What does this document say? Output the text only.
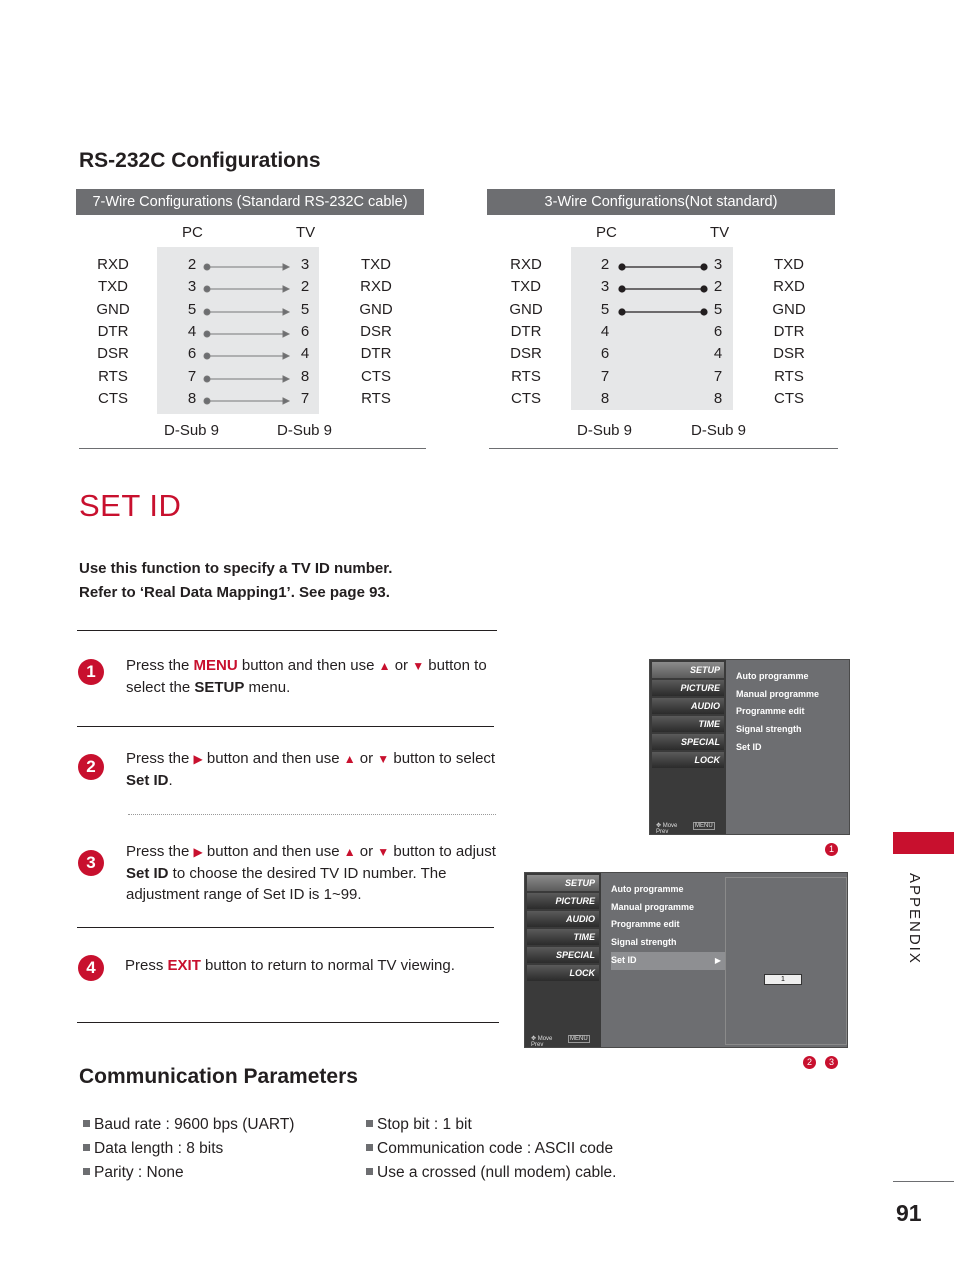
RS-232C Configurations
7-Wire Configurations (Standard RS-232C cable)
PC	TV
RXD	2	3	TXD
TXD	3	2	RXD
GND	5	5	GND
DTR	4	6	DSR
DSR	6	4	DTR
RTS	7	8	CTS
CTS	8	7	RTS
D-Sub 9	D-Sub 9
3-Wire Configurations(Not standard)
PC	TV
RXD	2	3	TXD
TXD	3	2	RXD
GND	5	5	GND
DTR	4	6	DTR
DSR	6	4	DSR
RTS	7	7	RTS
CTS	8	8	CTS
D-Sub 9	D-Sub 9
SET ID
Use this function to specify a TV ID number.
Refer to ‘Real Data Mapping1’. See page 93.
1	Press the MENU button and then use ▲ or ▼ button to select the SETUP menu.
2	Press the ▶ button and then use ▲ or ▼ button to select Set ID.
3
Press the ▶ button and then use ▲ or ▼ button to adjust Set ID to choose the desired TV ID number. The adjustment range of Set ID is 1~99.
4	Press EXIT button to return to normal TV viewing.
SETUP
PICTURE
AUDIO
TIME
SPECIAL
LOCK
✥ Move	MENU Prev
Auto programme
Manual programme
Programme edit
Signal strength
Set ID
1
SETUP
PICTURE
AUDIO
TIME
SPECIAL
LOCK
✥ Move	MENU Prev
Auto programme
Manual programme
Programme edit
Signal strength
Set ID	▶
1
2	3
APPENDIX
Communication Parameters
Baud rate : 9600 bps (UART)
Data length : 8 bits
Parity : None
Stop bit : 1 bit
Communication code : ASCII code
Use a crossed (null modem) cable.
91
